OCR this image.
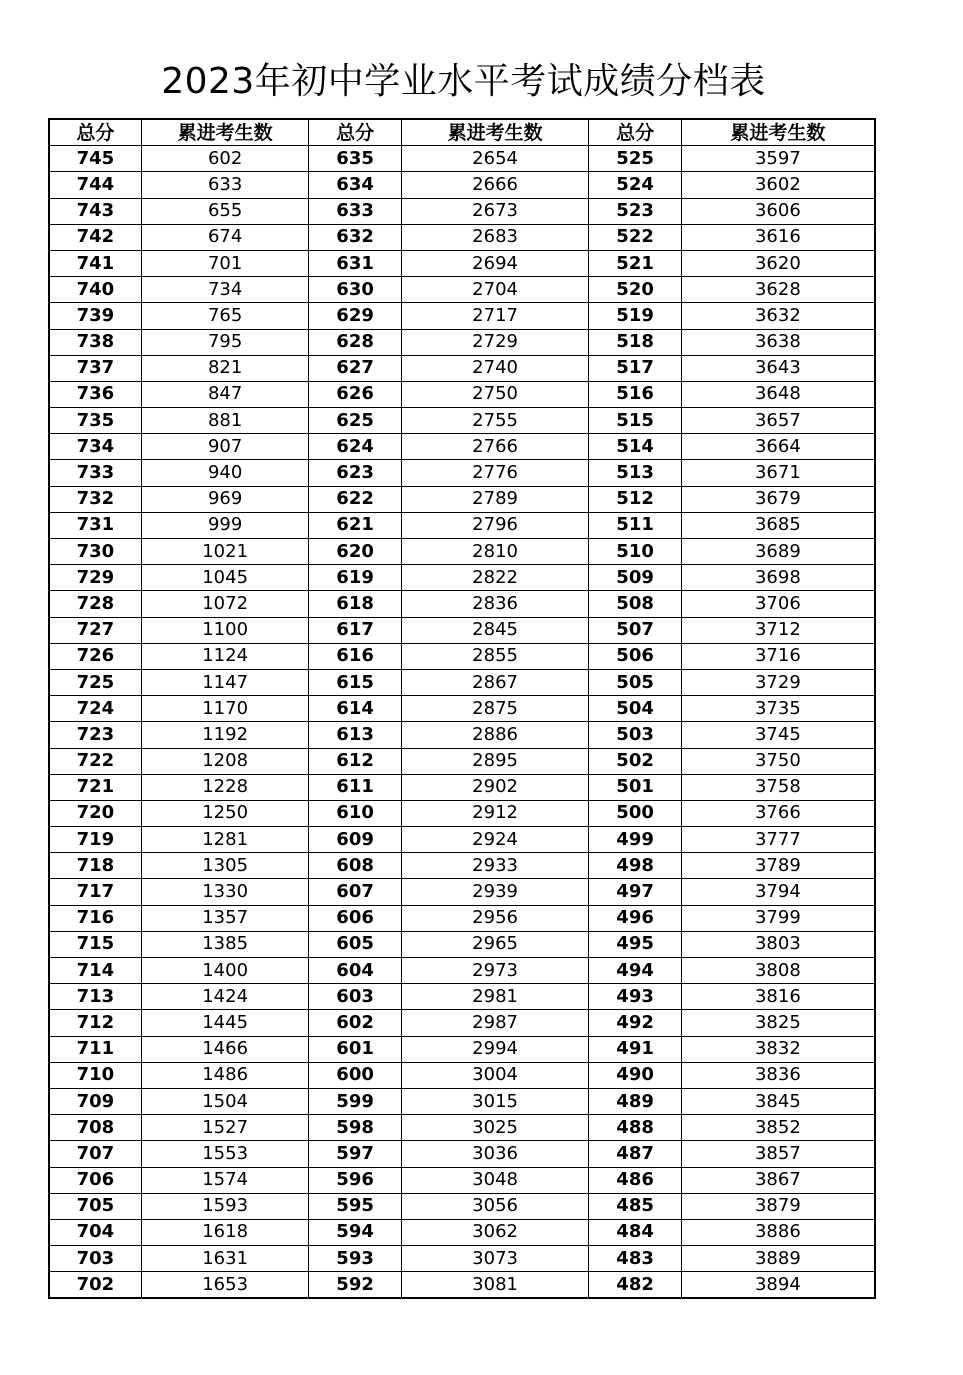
2023年初中学业水平考试成绩分档表
总分	累进考生数	总分	累进考生数	总分	累进考生数
745	602	635	2654	525	3597
744	633	634	2666	524	3602
743	655	633	2673	523	3606
742	674	632	2683	522	3616
741	701	631	2694	521	3620
740	734	630	2704	520	3628
739	765	629	2717	519	3632
738	795	628	2729	518	3638
737	821	627	2740	517	3643
736	847	626	2750	516	3648
735	881	625	2755	515	3657
734	907	624	2766	514	3664
733	940	623	2776	513	3671
732	969	622	2789	512	3679
731	999	621	2796	511	3685
730	1021	620	2810	510	3689
729	1045	619	2822	509	3698
728	1072	618	2836	508	3706
727	1100	617	2845	507	3712
726	1124	616	2855	506	3716
725	1147	615	2867	505	3729
724	1170	614	2875	504	3735
723	1192	613	2886	503	3745
722	1208	612	2895	502	3750
721	1228	611	2902	501	3758
720	1250	610	2912	500	3766
719	1281	609	2924	499	3777
718	1305	608	2933	498	3789
717	1330	607	2939	497	3794
716	1357	606	2956	496	3799
715	1385	605	2965	495	3803
714	1400	604	2973	494	3808
713	1424	603	2981	493	3816
712	1445	602	2987	492	3825
711	1466	601	2994	491	3832
710	1486	600	3004	490	3836
709	1504	599	3015	489	3845
708	1527	598	3025	488	3852
707	1553	597	3036	487	3857
706	1574	596	3048	486	3867
705	1593	595	3056	485	3879
704	1618	594	3062	484	3886
703	1631	593	3073	483	3889
702	1653	592	3081	482	3894
